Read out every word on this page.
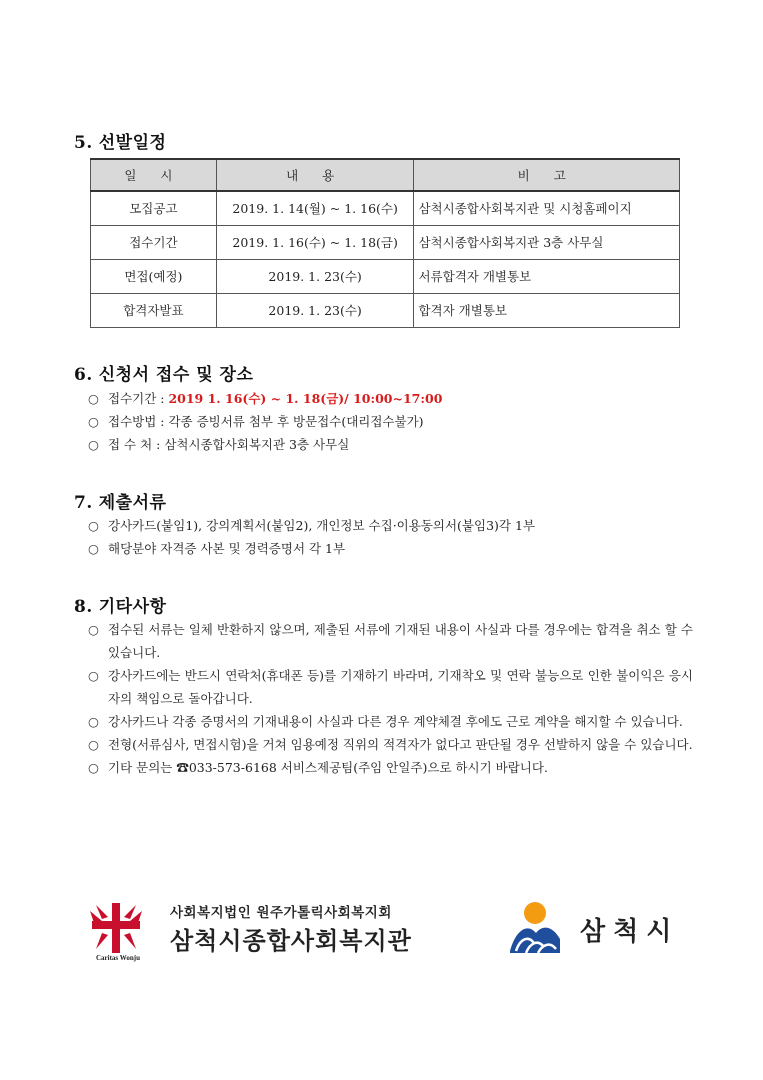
5. 선발일정
일 시	내 용	비 고
모집공고	2019. 1. 14(월) ~ 1. 16(수)	삼척시종합사회복지관 및 시청홈페이지
접수기간	2019. 1. 16(수) ~ 1. 18(금)	삼척시종합사회복지관 3층 사무실
면접(예정)	2019. 1. 23(수)	서류합격자 개별통보
합격자발표	2019. 1. 23(수)	합격자 개별통보
6. 신청서 접수 및 장소
○ 접수기간 : 2019 1. 16(수) ~ 1. 18(금)/ 10:00~17:00
○ 접수방법 : 각종 증빙서류 첨부 후 방문접수(대리접수불가)
○ 접 수 처 : 삼척시종합사회복지관 3층 사무실
7. 제출서류
○ 강사카드(붙임1), 강의계획서(붙임2), 개인정보 수집·이용동의서(붙임3)각 1부
○ 해당분야 자격증 사본 및 경력증명서 각 1부
8. 기타사항
○ 접수된 서류는 일체 반환하지 않으며, 제출된 서류에 기재된 내용이 사실과 다를 경우에는 합격을 취소 할 수 있습니다.
○ 강사카드에는 반드시 연락처(휴대폰 등)를 기재하기 바라며, 기재착오 및 연락 불능으로 인한 불이익은 응시자의 책임으로 돌아갑니다.
○ 강사카드나 각종 증명서의 기재내용이 사실과 다른 경우 계약체결 후에도 근로 계약을 해지할 수 있습니다.
○ 전형(서류심사, 면접시험)을 거쳐 임용예정 직위의 적격자가 없다고 판단될 경우 선발하지 않을 수 있습니다.
○ 기타 문의는 ☎033-573-6168 서비스제공팀(주임 안일주)으로 하시기 바랍니다.
Caritas Wonju
사회복지법인 원주가톨릭사회복지회
삼척시종합사회복지관	삼척시
